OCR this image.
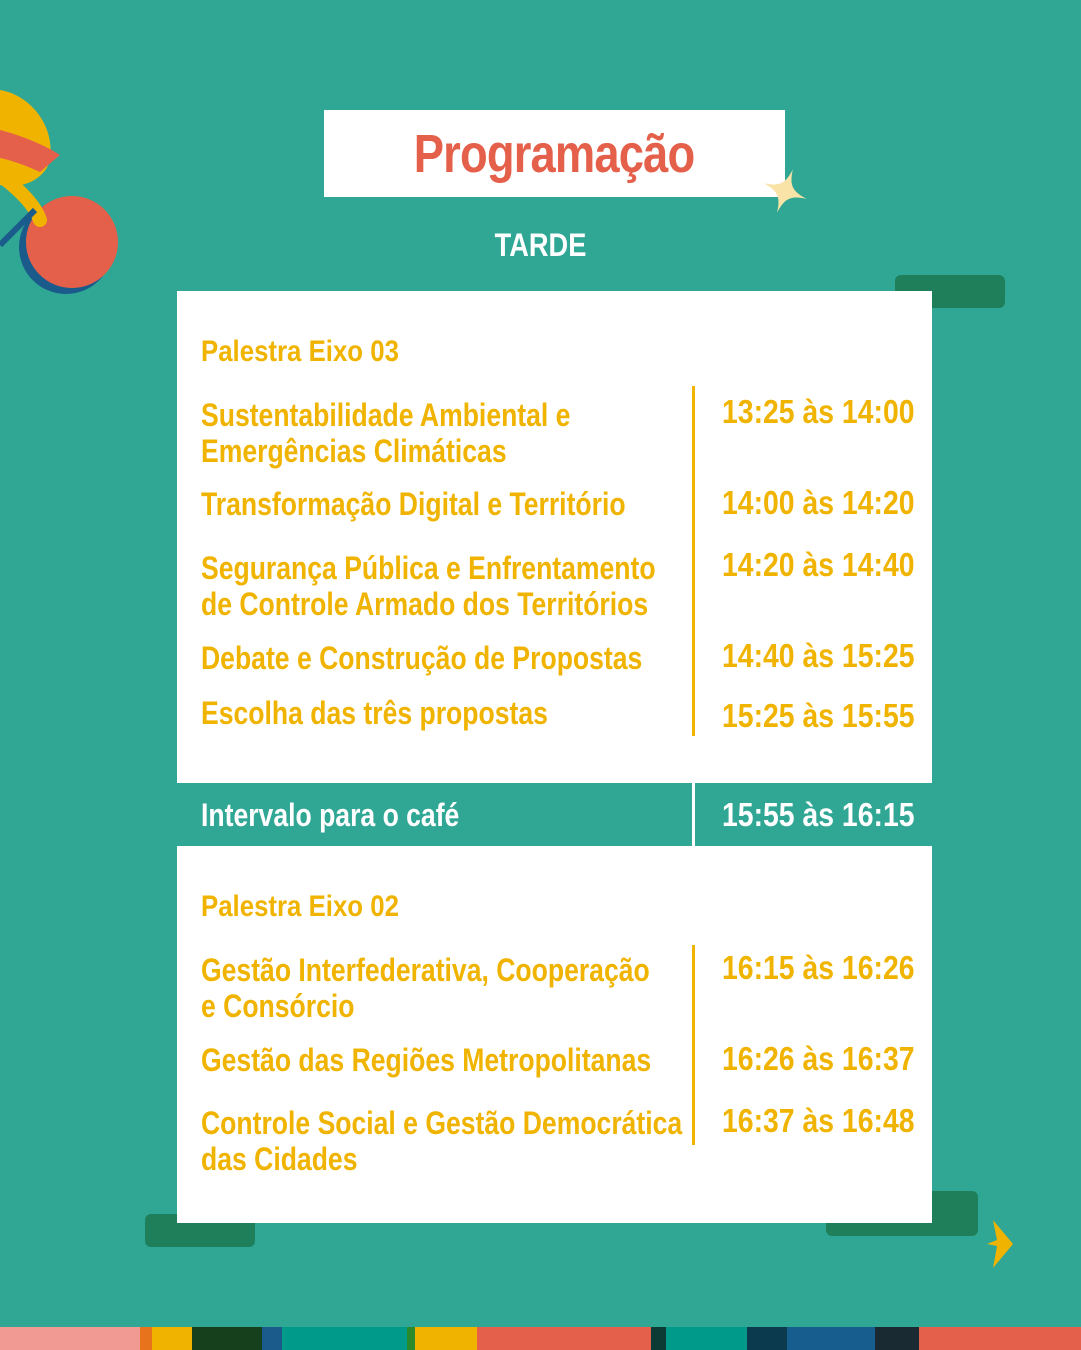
Programação
TARDE
Palestra Eixo 03
Sustentabilidade Ambiental e
Emergências Climáticas
13:25 às 14:00
Transformação Digital e Território	14:00 às 14:20
Segurança Pública e Enfrentamento
de Controle Armado dos Territórios
14:20 às 14:40
Debate e Construção de Propostas 14:40 às 15:25
Escolha das três propostas	15:25 às 15:55
Intervalo para o café	15:55 às 16:15
Palestra Eixo 02
Gestão Interfederativa, Cooperação
e Consórcio
16:15 às 16:26
Gestão das Regiões Metropolitanas 16:26 às 16:37
Controle Social e Gestão Democrática
das Cidades
16:37 às 16:48
